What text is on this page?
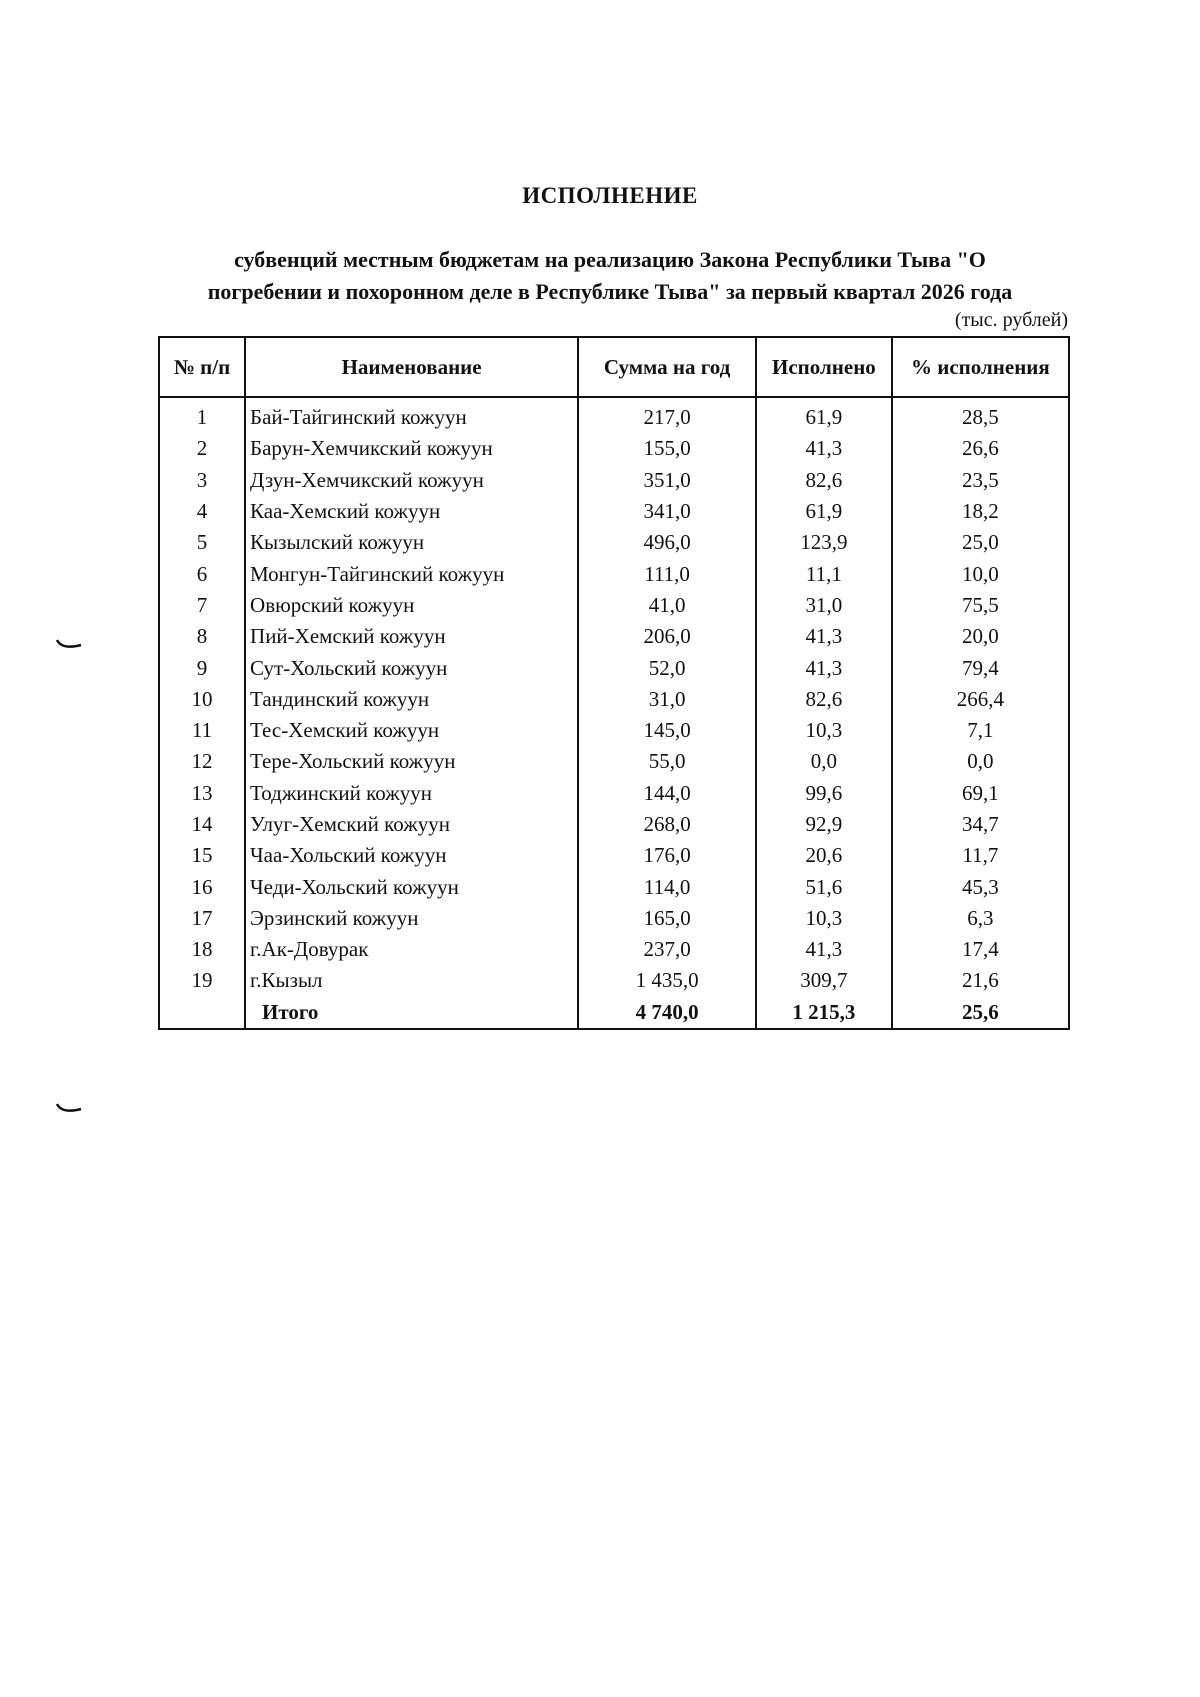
ИСПОЛНЕНИЕ
субвенций местным бюджетам на реализацию Закона Республики Тыва "О
погребении и похоронном деле в Республике Тыва" за первый квартал 2026 года
(тыс. рублей)
№ п/п	Наименование	Сумма на год	Исполнено	% исполнения
1	Бай-Тайгинский кожуун	217,0	61,9	28,5
2	Барун-Хемчикский кожуун	155,0	41,3	26,6
3	Дзун-Хемчикский кожуун	351,0	82,6	23,5
4	Каа-Хемский кожуун	341,0	61,9	18,2
5	Кызылский кожуун	496,0	123,9	25,0
6	Монгун-Тайгинский кожуун	111,0	11,1	10,0
7	Овюрский кожуун	41,0	31,0	75,5
8	Пий-Хемский кожуун	206,0	41,3	20,0
9	Сут-Хольский кожуун	52,0	41,3	79,4
10	Тандинский кожуун	31,0	82,6	266,4
11	Тес-Хемский кожуун	145,0	10,3	7,1
12	Тере-Хольский кожуун	55,0	0,0	0,0
13	Тоджинский кожуун	144,0	99,6	69,1
14	Улуг-Хемский кожуун	268,0	92,9	34,7
15	Чаа-Хольский кожуун	176,0	20,6	11,7
16	Чеди-Хольский кожуун	114,0	51,6	45,3
17	Эрзинский кожуун	165,0	10,3	6,3
18	г.Ак-Довурак	237,0	41,3	17,4
19	г.Кызыл	1 435,0	309,7	21,6
	Итого	4 740,0	1 215,3	25,6
